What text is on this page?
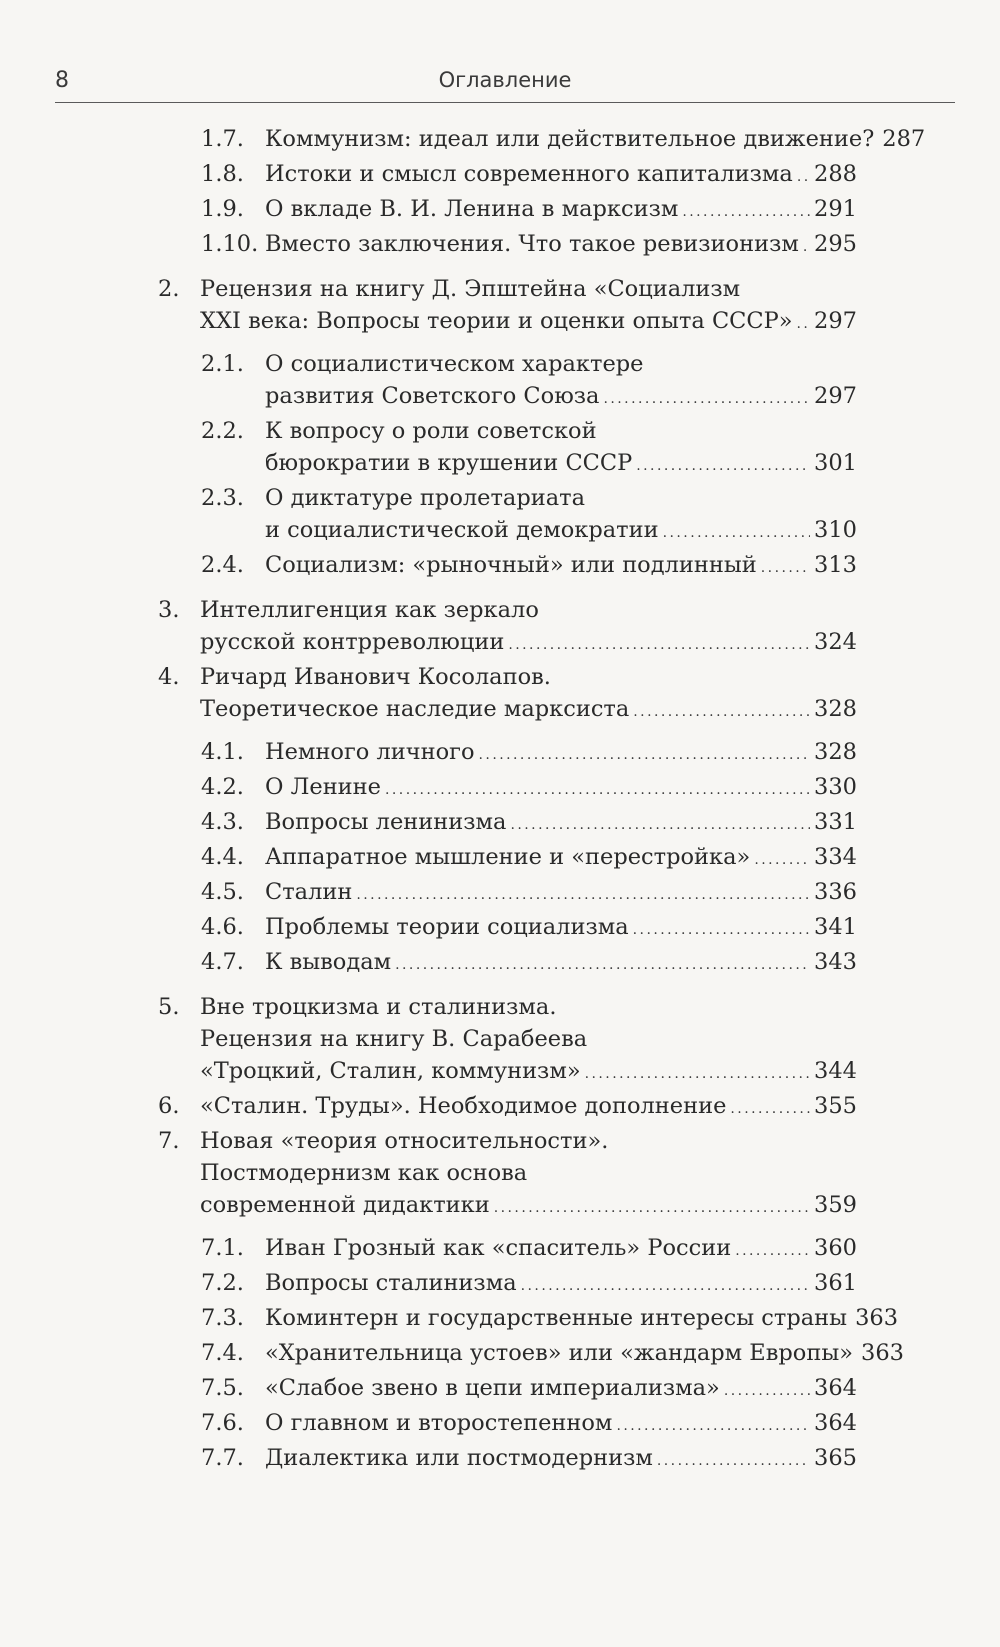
8	Оглавление
1.7. Коммунизм: идеал или действительное движение? 287
1.8. Истоки и смысл современного капитализма . . . 288
1.9. О вкладе В. И. Ленина в марксизм . . .	291
1.10. Вместо заключения. Что такое ревизионизм . . . 295
2. Рецензия на книгу Д. Эпштейна «Социализм
XXI века: Вопросы теории и оценки опыта СССР» . . . 297
2.1. О социалистическом характере
развития Советского Союза . . .	297
2.2. К вопросу о роли советской
бюрократии в крушении СССР . . .	301
2.3. О диктатуре пролетариата
и социалистической демократии . . .	310
2.4. Социализм: «рыночный» или подлинный . . .	313
3. Интеллигенция как зеркало
русской контрреволюции . . .	324
4. Ричард Иванович Косолапов.
Теоретическое наследие марксиста . . .	328
4.1. Немного личного . . .	328
4.2. О Ленине . . .	330
4.3. Вопросы ленинизма . . .	331
4.4. Аппаратное мышление и «перестройка» . . .	334
4.5. Сталин . . .	336
4.6. Проблемы теории социализма . . .	341
4.7. К выводам . . .	343
5. Вне троцкизма и сталинизма.
Рецензия на книгу В. Сарабеева
«Троцкий, Сталин, коммунизм» . . .	344
6. «Сталин. Труды». Необходимое дополнение . . .	355
7. Новая «теория относительности».
Постмодернизм как основа
современной дидактики . . .	359
7.1. Иван Грозный как «спаситель» России . . .	360
7.2. Вопросы сталинизма . . .	361
7.3. Коминтерн и государственные интересы страны 363
7.4. «Хранительница устоев» или «жандарм Европы» 363
7.5. «Слабое звено в цепи империализма» . . .	364
7.6. О главном и второстепенном . . .	364
7.7. Диалектика или постмодернизм . . .	365
